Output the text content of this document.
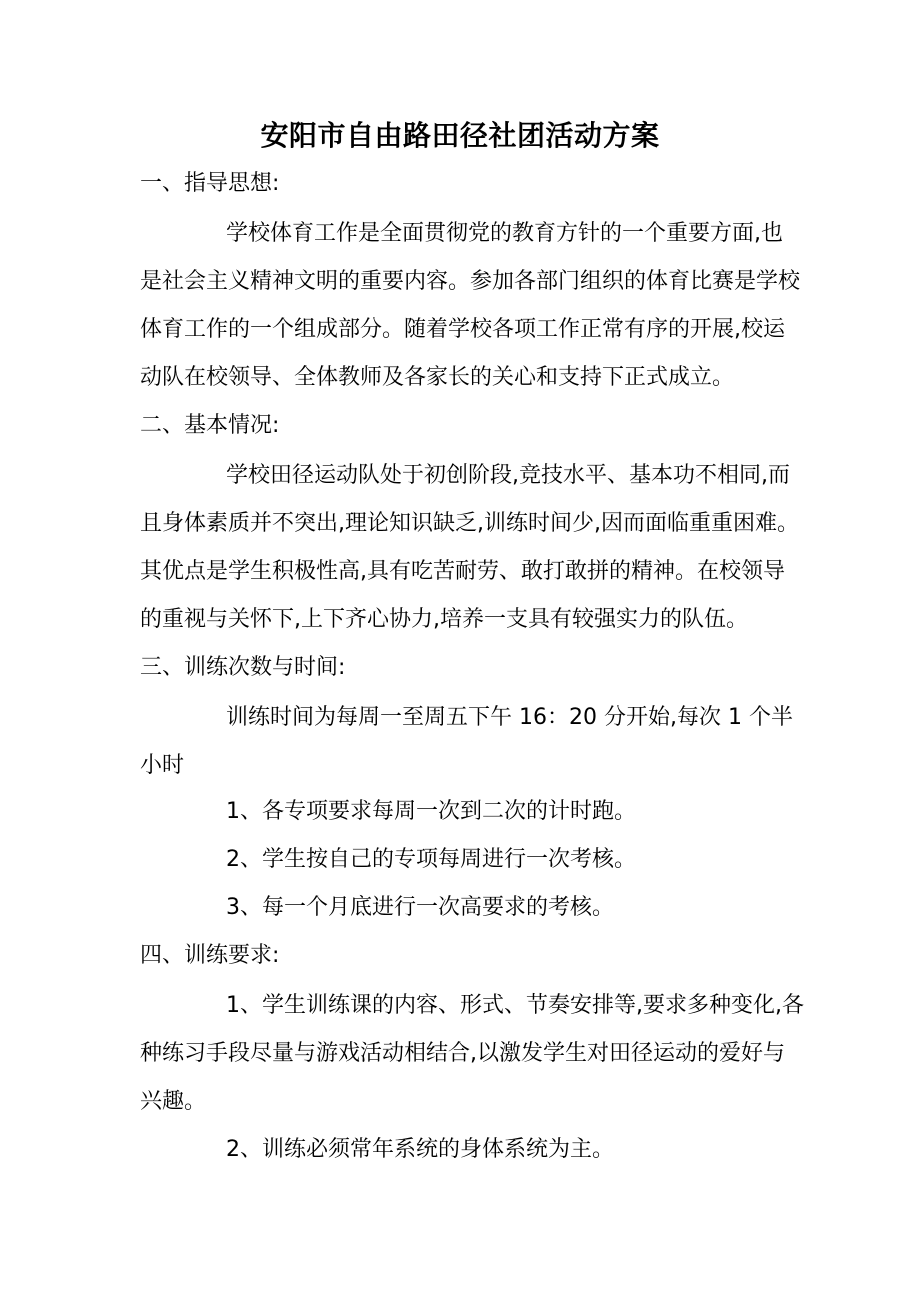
安阳市自由路田径社团活动方案
一、指导思想:
学校体育工作是全面贯彻党的教育方针的一个重要方面,也
是社会主义精神文明的重要内容。参加各部门组织的体育比赛是学校
体育工作的一个组成部分。随着学校各项工作正常有序的开展,校运
动队在校领导、全体教师及各家长的关心和支持下正式成立。
二、基本情况:
学校田径运动队处于初创阶段,竞技水平、基本功不相同,而
且身体素质并不突出,理论知识缺乏,训练时间少,因而面临重重困难。
其优点是学生积极性高,具有吃苦耐劳、敢打敢拼的精神。在校领导
的重视与关怀下,上下齐心协力,培养一支具有较强实力的队伍。
三、训练次数与时间:
训练时间为每周一至周五下午 16：20 分开始,每次 1 个半
小时
1、各专项要求每周一次到二次的计时跑。
2、学生按自己的专项每周进行一次考核。
3、每一个月底进行一次高要求的考核。
四、训练要求:
1、学生训练课的内容、形式、节奏安排等,要求多种变化,各
种练习手段尽量与游戏活动相结合,以激发学生对田径运动的爱好与
兴趣。
2、训练必须常年系统的身体系统为主。
